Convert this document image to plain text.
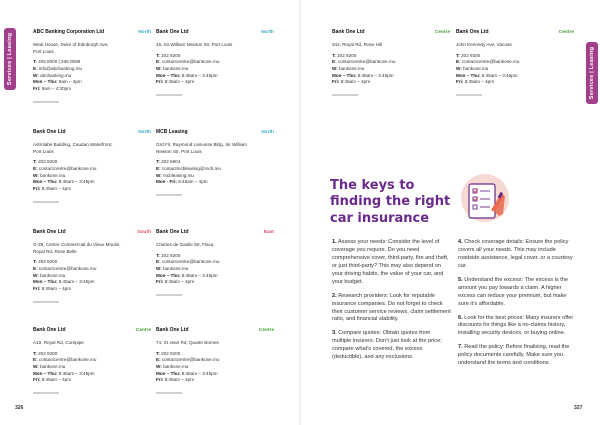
Services | Leasing	Services | Leasing
ABC Banking Corporation Ltd	North
Weal House, Duke of Edinburgh Ave,
Port Louis
T: 206 8000 | 208 0088
E: info@abcbanking.mu
W: abcbanking.mu
Mon – Thu: 9am – 4pm
Fri: 9am – 4:30pm
Bank One Ltd	North
16, Sir William Newton Str, Port Louis
T: 202 9200
E: contactcentre@bankone.mu
W: bankone.mu
Mon – Thu: 8:45am – 3:45pm
Fri: 8:45am – 4pm
Bank One Ltd	Centre
342, Royal Rd, Rose Hill
T: 202 9200
E: contactcentre@bankone.mu
W: bankone.mu
Mon – Thu: 8:45am – 3:45pm
Fri: 8:45am – 4pm
Bank One Ltd	Centre
John Kennedy Ave, Vacoas
T: 202 9200
E: contactcentre@bankone.mu
W: bankone.mu
Mon – Thu: 8:45am – 3:45pm
Fri: 8:45am – 4pm
Bank One Ltd	North
Astrolabe Building, Caudan Waterfront,
Port Louis
T: 202 9200
E: contactcentre@bankone.mu
W: bankone.mu
Mon – Thu: 8:45am – 3:45pm
Fri: 8:45am – 4pm
MCB Leasing	North
Grd Flr, Raymond Lamusse Bldg, Sir William
Newton Str, Port Louis
T: 202 5904
E: contactmcbleasing@mcb.mu
W: mcbleasing.mu
Mon - Fri: 8:45am – 4pm
Bank One Ltd	South
G-29, Centre Commercial du Vieux Moulin,
Royal Rd, Rose Belle
T: 202 9200
E: contactcentre@bankone.mu
W: bankone.mu
Mon – Thu: 8:45am – 3:45pm
Fri: 8:45am – 4pm
Bank One Ltd	East
Charles de Gaulle Str, Flacq
T: 202 9200
E: contactcentre@bankone.mu
W: bankone.mu
Mon – Thu: 8:45am – 3:45pm
Fri: 8:45am – 4pm
Bank One Ltd	Centre
A10, Royal Rd, Curepipe
T: 202 9200
E: contactcentre@bankone.mu
W: bankone.mu
Mon – Thu: 8:45am – 3:45pm
Fri: 8:45am – 4pm
Bank One Ltd	Centre
74, St Jean Rd, Quatre Bornes
T: 202 9200
E: contactcentre@bankone.mu
W: bankone.mu
Mon – Thu: 8:45am – 3:45pm
Fri: 8:45am – 4pm
The keys to finding the right car insurance

1. Assess your needs: Consider the level of coverage you require. Do you need comprehensive cover, third-party, fire and theft, or just third-party? This may also depend on your driving habits, the value of your car, and your budget.

2. Research providers: Look for reputable insurance companies. Do not forget to check their customer service reviews, claim settlement ratio, and financial stability.

3. Compare quotes: Obtain quotes from multiple insurers. Don’t just look at the price; compare what’s covered, the excess (deductible), and any exclusions.

4. Check coverage details: Ensure the policy covers all your needs. This may include roadside assistance, legal cover, or a courtesy car.

5. Understand the excess: The excess is the amount you pay towards a claim. A higher excess can reduce your premium, but make sure it’s affordable.

6. Look for the best prices: Many insurers offer discounts for things like a no-claims history, installing security devices, or buying online.

7. Read the policy: Before finalising, read the policy documents carefully. Make sure you understand the terms and conditions.

326	327
